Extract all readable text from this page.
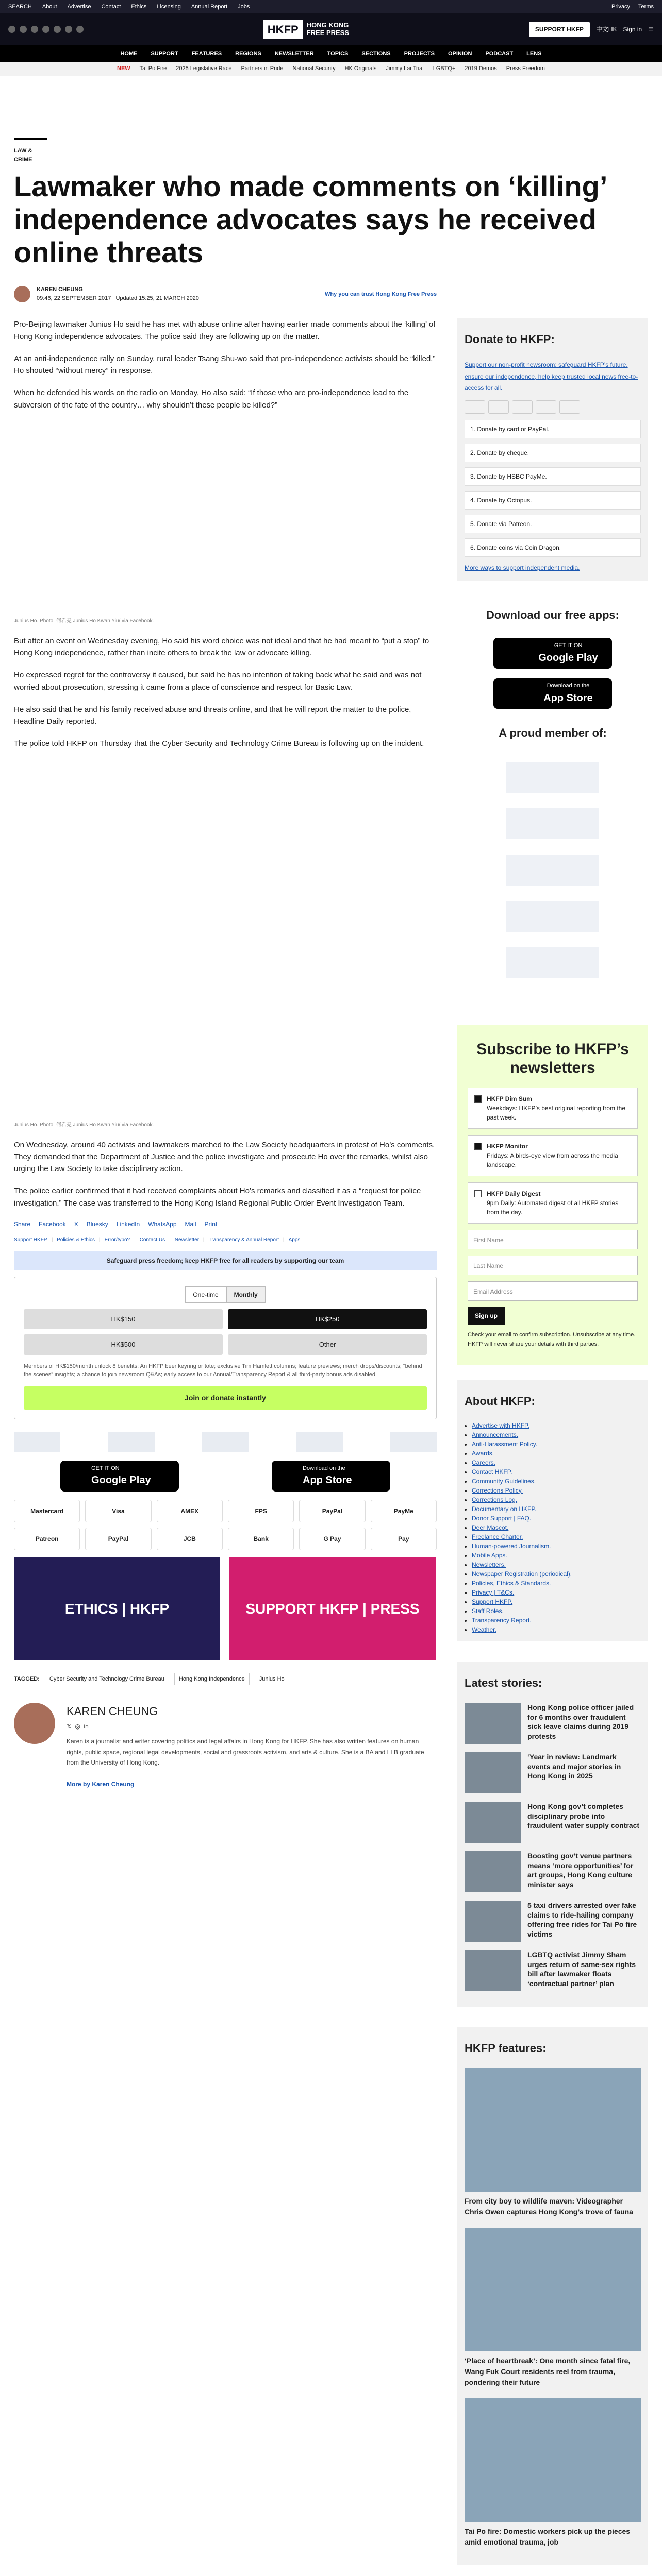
SEARCH About Advertise Contact Ethics Licensing Annual Report Jobs	Privacy Terms
HKFP	HONG KONG
FREE PRESS	SUPPORT HKFP	中文HK Sign in ☰
HOME SUPPORT FEATURES REGIONS NEWSLETTER TOPICS SECTIONS PROJECTS OPINION PODCAST LENS
NEW Tai Po Fire 2025 Legislative Race Partners in Pride National Security HK Originals Jimmy Lai Trial LGBTQ+ 2019 Demos Press Freedom
LAW & CRIME
Lawmaker who made comments on ‘killing’ independence advocates says he received online threats
KAREN CHEUNG
09:46, 22 SEPTEMBER 2017 Updated 15:25, 21 MARCH 2020
Why you can trust Hong Kong Free Press

Pro-Beijing lawmaker Junius Ho said he has met with abuse online after having earlier made comments about the ‘killing’ of Hong Kong independence advocates. The police said they are following up on the matter.

At an anti-independence rally on Sunday, rural leader Tsang Shu-wo said that pro-independence activists should be “killed.” Ho shouted “without mercy” in response.

When he defended his words on the radio on Monday, Ho also said: “If those who are pro-independence lead to the subversion of the fate of the country… why shouldn’t these people be killed?”

Junius Ho. Photo: 何君堯 Junius Ho Kwan Yiu/ via Facebook.

But after an event on Wednesday evening, Ho said his word choice was not ideal and that he had meant to “put a stop” to Hong Kong independence, rather than incite others to break the law or advocate killing.

Ho expressed regret for the controversy it caused, but said he has no intention of taking back what he said and was not worried about prosecution, stressing it came from a place of conscience and respect for Basic Law.

He also said that he and his family received abuse and threats online, and that he will report the matter to the police, Headline Daily reported.

The police told HKFP on Thursday that the Cyber Security and Technology Crime Bureau is following up on the incident.

Junius Ho. Photo: 何君堯 Junius Ho Kwan Yiu/ via Facebook.

On Wednesday, around 40 activists and lawmakers marched to the Law Society headquarters in protest of Ho’s comments. They demanded that the Department of Justice and the police investigate and prosecute Ho over the remarks, whilst also urging the Law Society to take disciplinary action.

The police earlier confirmed that it had received complaints about Ho’s remarks and classified it as a “request for police investigation.” The case was transferred to the Hong Kong Island Regional Public Order Event Investigation Team.

Share Facebook X Bluesky LinkedIn WhatsApp Mail Print
Support HKFP | Policies & Ethics | Error/typo? | Contact Us | Newsletter | Transparency & Annual Report | Apps
Safeguard press freedom; keep HKFP free for all readers by supporting our team
One-time	Monthly
HK$150	HK$250
HK$500	Other
Members of HK$150/month unlock 8 benefits: An HKFP beer keyring or tote; exclusive Tim Hamlett columns; feature previews; merch drops/discounts; “behind the scenes” insights; a chance to join newsroom Q&As; early access to our Annual/Transparency Report & all third-party bonus ads disabled.
Join or donate instantly
GET IT ON
Google Play
Download on the
App Store
Mastercard	Visa	AMEX	FPS	PayPal	PayMe
Patreon	PayPal	JCB	Bank	G Pay	Pay
ETHICS | HKFP	SUPPORT HKFP | PRESS
TAGGED:	Cyber Security and Technology Crime Bureau	Hong Kong Independence	Junius Ho
KAREN CHEUNG
𝕏 ◎ in

Karen is a journalist and writer covering politics and legal affairs in Hong Kong for HKFP. She has also written features on human rights, public space, regional legal developments, social and grassroots activism, and arts & culture. She is a BA and LLB graduate from the University of Hong Kong.

More by Karen Cheung
Donate to HKFP:
Support our non-profit newsroom: safeguard HKFP’s future, ensure our independence, help keep trusted local news free-to-access for all.
1. Donate by card or PayPal.
2. Donate by cheque.
3. Donate by HSBC PayMe.
4. Donate by Octopus.
5. Donate via Patreon.
6. Donate coins via Coin Dragon.
More ways to support independent media.
Download our free apps:
GET IT ON
Google Play
Download on the
App Store
A proud member of:
Subscribe to HKFP’s newsletters
HKFP Dim Sum
Weekdays: HKFP’s best original reporting from the past week.
HKFP Monitor
Fridays: A birds-eye view from across the media landscape.
HKFP Daily Digest
9pm Daily: Automated digest of all HKFP stories from the day.
First Name
Last Name
Email Address
Sign up
Check your email to confirm subscription. Unsubscribe at any time. HKFP will never share your details with third parties.
About HKFP:
• Advertise with HKFP.
• Announcements.
• Anti-Harassment Policy.
• Awards.
• Careers.
• Contact HKFP.
• Community Guidelines.
• Corrections Policy.
• Corrections Log.
• Documentary on HKFP.
• Donor Support | FAQ.
• Deer Mascot.
• Freelance Charter.
• Human-powered Journalism.
• Mobile Apps.
• Newsletters.
• Newspaper Registration (periodical).
• Policies, Ethics & Standards.
• Privacy | T&Cs.
• Support HKFP.
• Staff Roles.
• Transparency Report.
• Weather.
Latest stories:
Hong Kong police officer jailed for 6 months over fraudulent sick leave claims during 2019 protests
‘Year in review: Landmark events and major stories in Hong Kong in 2025
Hong Kong gov’t completes disciplinary probe into fraudulent water supply contract
Boosting gov’t venue partners means ‘more opportunities’ for art groups, Hong Kong culture minister says
5 taxi drivers arrested over fake claims to ride-hailing company offering free rides for Tai Po fire victims
LGBTQ activist Jimmy Sham urges return of same-sex rights bill after lawmaker floats ‘contractual partner’ plan
HKFP features:
From city boy to wildlife maven: Videographer Chris Owen captures Hong Kong’s trove of fauna
‘Place of heartbreak’: One month since fatal fire, Wang Fuk Court residents reel from trauma, pondering their future
Tai Po fire: Domestic workers pick up the pieces amid emotional trauma, job
